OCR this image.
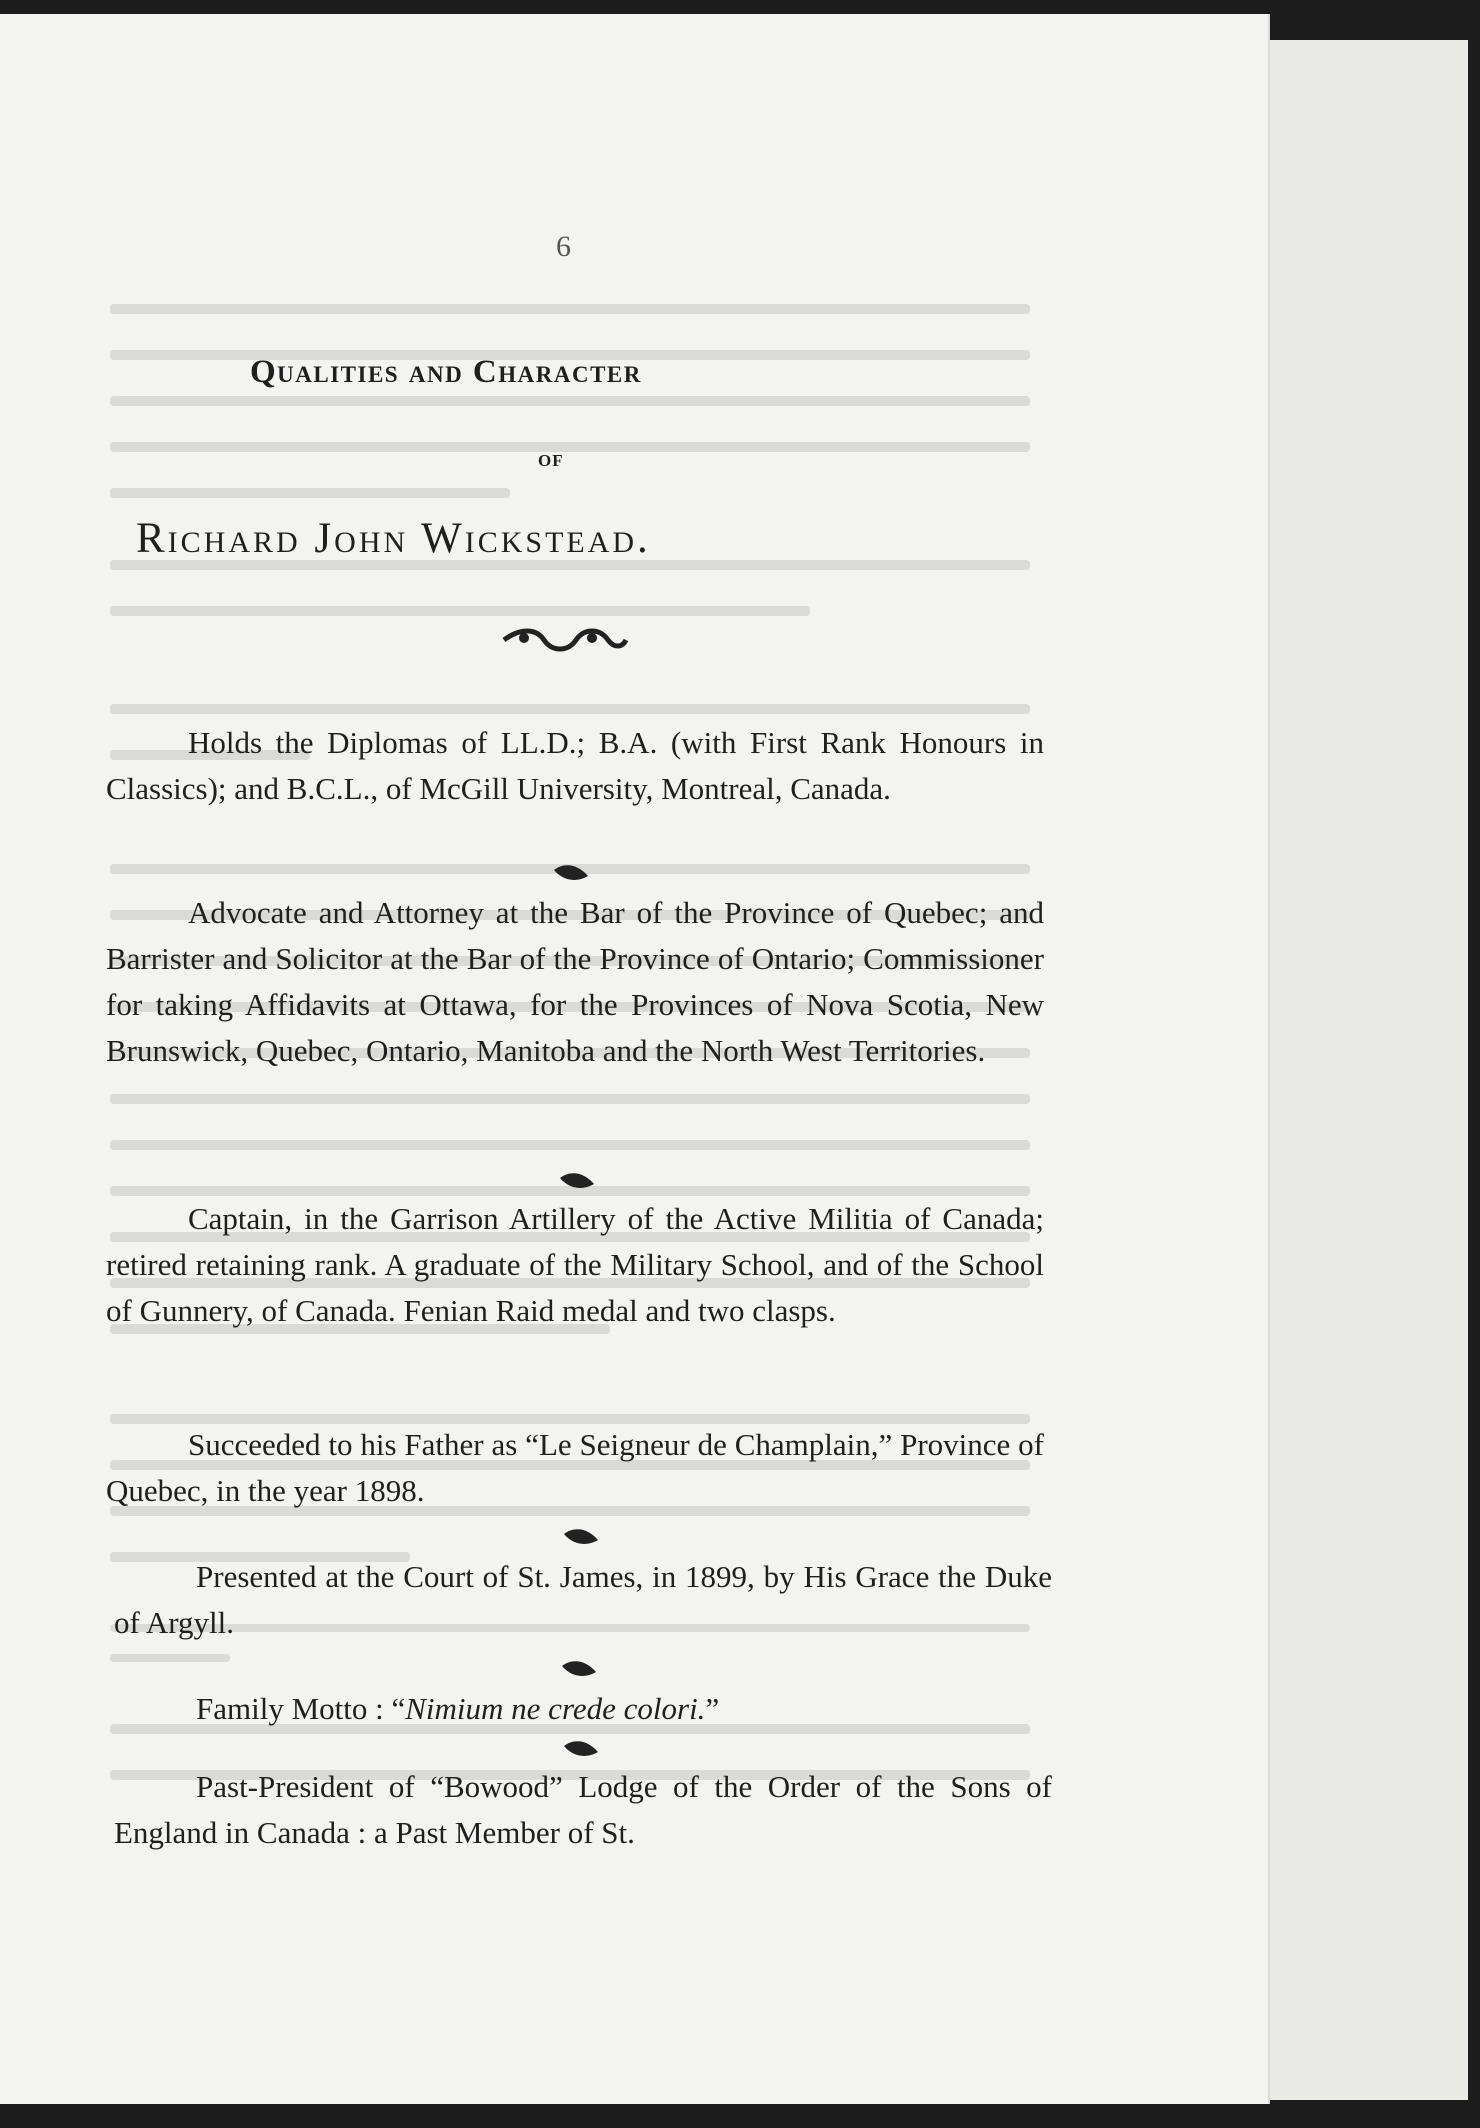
6
Qualities and Character
of
Richard John Wickstead.
Holds the Diplomas of LL.D.; B.A. (with First Rank Honours in Classics); and B.C.L., of McGill University, Montreal, Canada.
Advocate and Attorney at the Bar of the Province of Quebec; and Barrister and Solicitor at the Bar of the Province of Ontario; Commissioner for taking Affidavits at Ottawa, for the Provinces of Nova Scotia, New Brunswick, Quebec, Ontario, Manitoba and the North West Territories.
Captain, in the Garrison Artillery of the Active Militia of Canada; retired retaining rank. A graduate of the Military School, and of the School of Gunnery, of Canada. Fenian Raid medal and two clasps.
Succeeded to his Father as “Le Seigneur de Champlain,” Province of Quebec, in the year 1898.
Presented at the Court of St. James, in 1899, by His Grace the Duke of Argyll.
Family Motto : “Nimium ne crede colori.”
Past-President of “Bowood” Lodge of the Order of the Sons of England in Canada : a Past Member of St.
